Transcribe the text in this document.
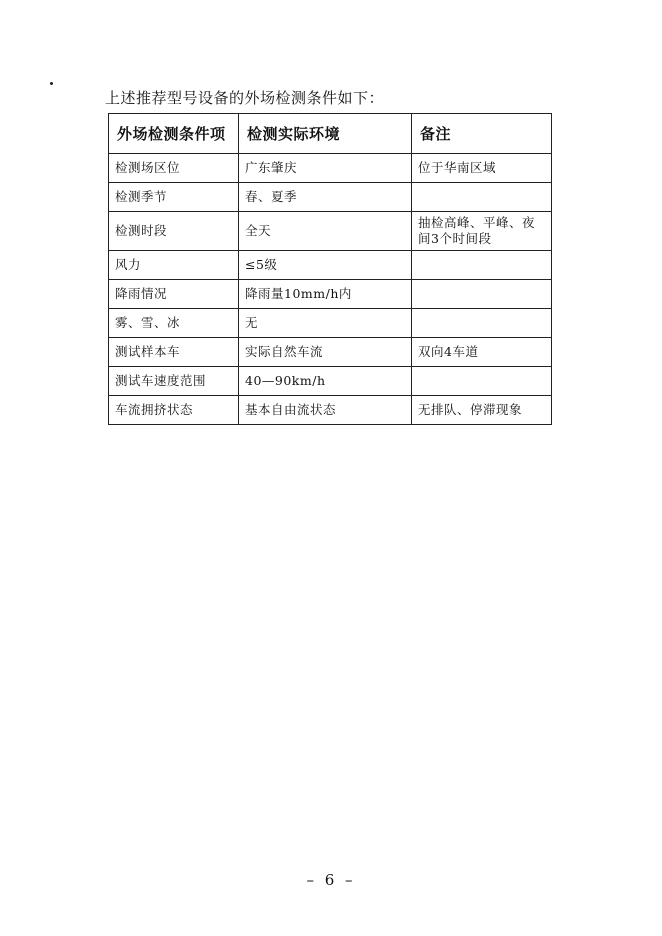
上述推荐型号设备的外场检测条件如下：
外场检测条件项	检测实际环境	备注
检测场区位	广东肇庆	位于华南区域
检测季节	春、夏季	
检测时段	全天	抽检高峰、平峰、夜间3个时间段
风力	≤5级	
降雨情况	降雨量10mm/h内	
雾、雪、冰	无	
测试样本车	实际自然车流	双向4车道
测试车速度范围	40—90km/h	
车流拥挤状态	基本自由流状态	无排队、停滞现象
– 6 –
